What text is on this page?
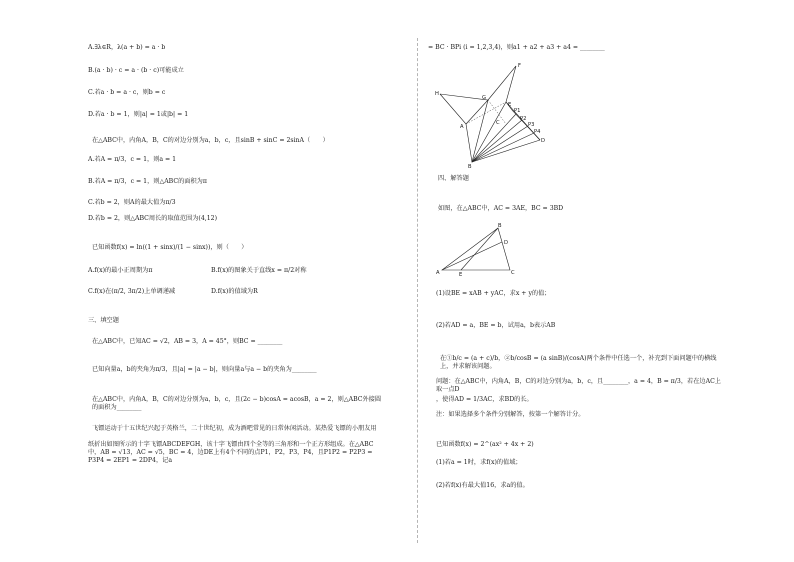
A.∃λ∈R，λ(a + b) = a · b
B.(a · b) · c = a · (b · c)可能成立
C.若a · b = a · c，则b = c
D.若a · b = 1，则|a| = 1或|b| = 1
在△ABC中，内角A，B，C的对边分别为a，b，c，且sinB + sinC = 2sinA（　　）
A.若A = π/3，c = 1，则a = 1
B.若A = π/3，c = 1，则△ABC的面积为π
C.若b = 2，则A的最大值为π/3
D.若b = 2，则△ABC周长的取值范围为(4,12)
已知函数f(x) = ln((1 + sinx)/(1 − sinx))，则（　　）
A.f(x)的最小正周期为π	B.f(x)的图象关于直线x = π/2对称
C.f(x)在(π/2, 3π/2)上单调递减	D.f(x)的值域为R
三、填空题
在△ABC中，已知AC = √2，AB = 3，A = 45°，则BC = ________
已知向量a，b的夹角为π/3，且|a| = |a − b|，则向量a与a − b的夹角为________
在△ABC中，内角A，B，C的对边分别为a，b，c，且(2c − b)cosA = acosB，a = 2，则△ABC外接圆的面积为________
飞镖运动于十五世纪兴起于英格兰，二十世纪初，成为酒吧常见的日常休闲活动。某热爱飞镖的小朋友用
纸折出如图所示的十字飞镖ABCDEFGH，该十字飞镖由四个全等的三角形和一个正方形组成。在△ABC
中，AB = √13，AC = √5，BC = 4，边DE上有4个不同的点P1，P2，P3，P4，且P1P2 = P2P3 = P3P4 = 2EP1 = 2DP4，记a
= BC · BPi (i = 1,2,3,4)，则a1 + a2 + a3 + a4 = ________
F
H
G
E
A
C
P1
P2
P3
P4
D
B
四、解答题
如图，在△ABC中，AC = 3AE，BC = 3BD
B
D
A	E	C
(1)设BE = xAB + yAC，求x + y的值；
(2)若AD = a，BE = b，试用a，b表示AB
在①b/c = (a + c)/b，②b/cosB = (a sinB)/(cosA)两个条件中任选一个，补充到下面问题中的横线上，并求解该问题。
问题：在△ABC中，内角A，B，C的对边分别为a，b，c，且________，a = 4，B = π/3，若在边AC上取一点D
，使得AD = 1/3AC，求BD的长。
注：如果选择多个条件分别解答，按第一个解答计分。
已知函数f(x) = 2^(ax² + 4x + 2)
(1)若a = 1时，求f(x)的值域；
(2)若f(x)有最大值16，求a的值。
